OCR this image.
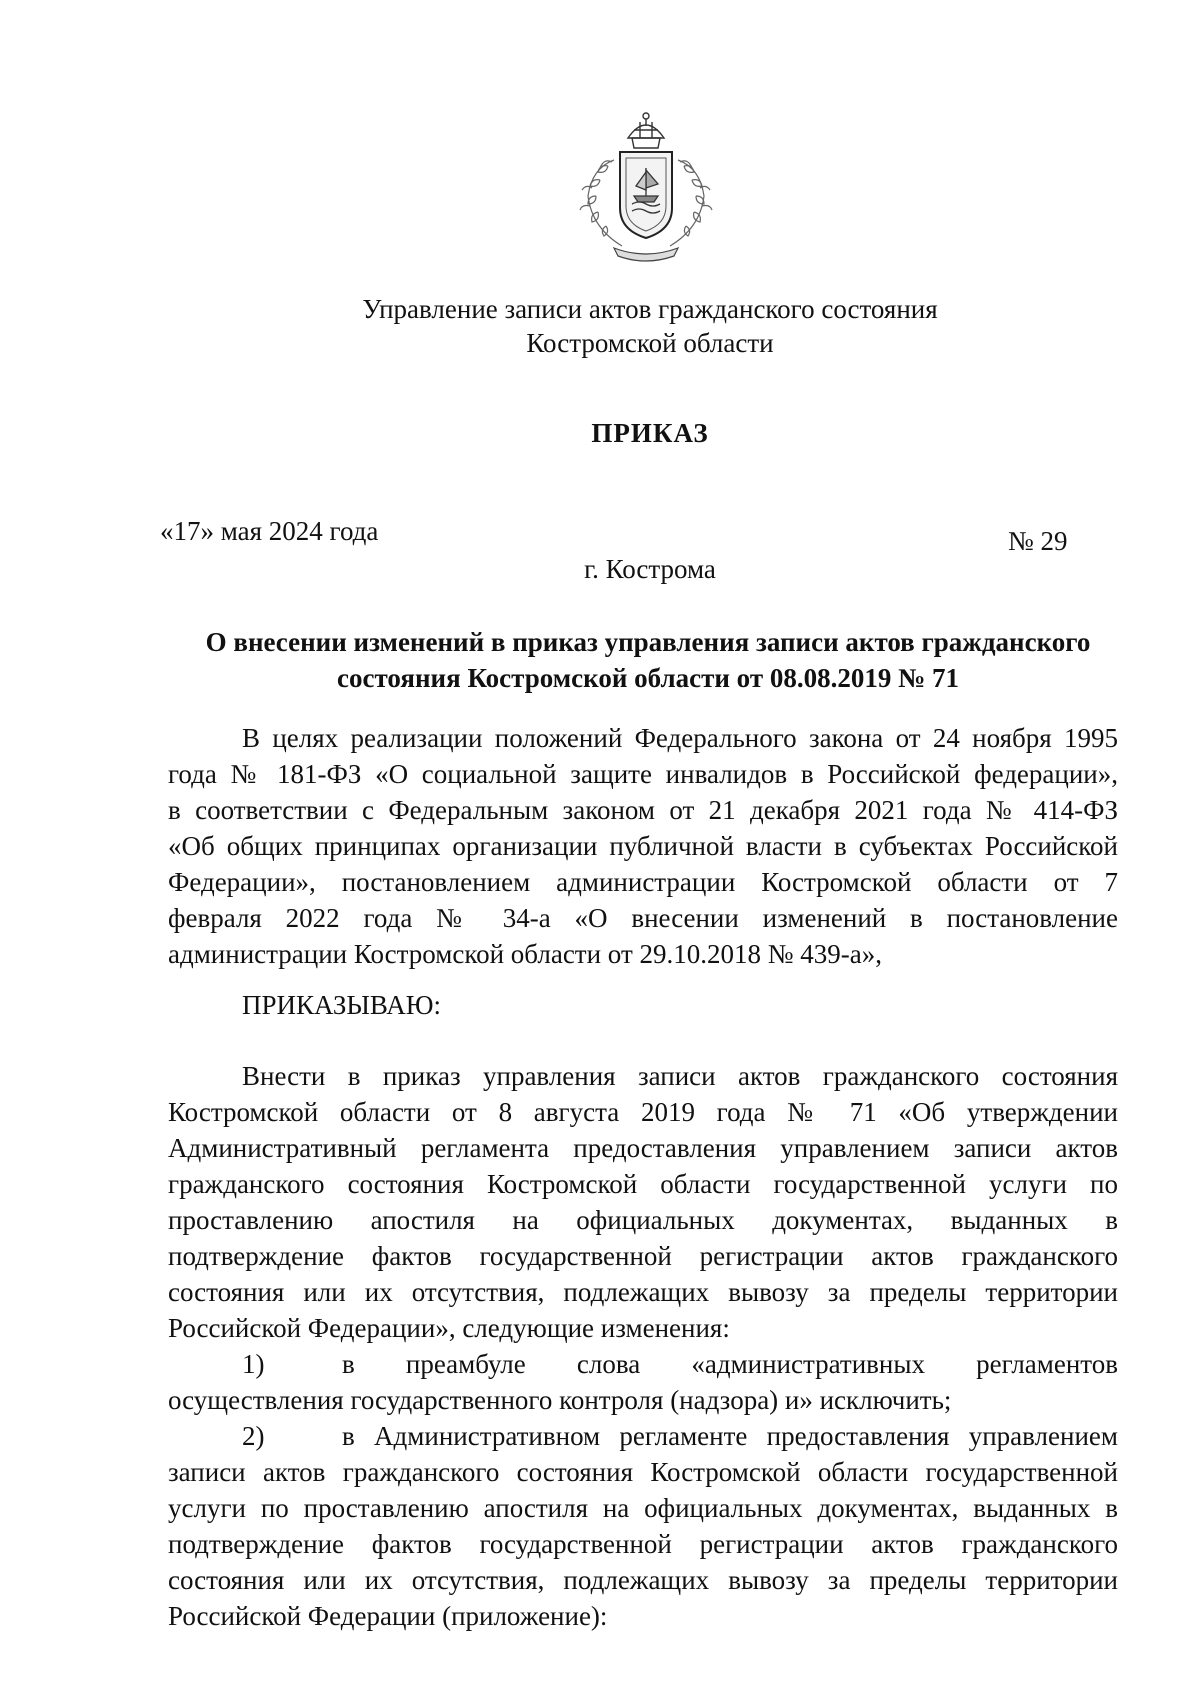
Управление записи актов гражданского состояния
Костромской области
ПРИКАЗ
«17» мая 2024 года	№ 29
г. Кострома
О внесении изменений в приказ управления записи актов гражданского
состояния Костромской области от 08.08.2019 № 71
В целях реализации положений Федерального закона от 24 ноября 1995
года № 181-ФЗ «О социальной защите инвалидов в Российской федерации»,
в соответствии с Федеральным законом от 21 декабря 2021 года № 414-ФЗ
«Об общих принципах организации публичной власти в субъектах Российской
Федерации», постановлением администрации Костромской области от 7
февраля 2022 года № 34-а «О внесении изменений в постановление
администрации Костромской области от 29.10.2018 № 439-а»,
ПРИКАЗЫВАЮ:
Внести в приказ управления записи актов гражданского состояния
Костромской области от 8 августа 2019 года № 71 «Об утверждении
Административный регламента предоставления управлением записи актов
гражданского состояния Костромской области государственной услуги по
проставлению апостиля на официальных документах, выданных в
подтверждение фактов государственной регистрации актов гражданского
состояния или их отсутствия, подлежащих вывозу за пределы территории
Российской Федерации», следующие изменения:
1)	в преамбуле слова «административных регламентов
осуществления государственного контроля (надзора) и» исключить;
2)	в Административном регламенте предоставления управлением
записи актов гражданского состояния Костромской области государственной
услуги по проставлению апостиля на официальных документах, выданных в
подтверждение фактов государственной регистрации актов гражданского
состояния или их отсутствия, подлежащих вывозу за пределы территории
Российской Федерации (приложение):
